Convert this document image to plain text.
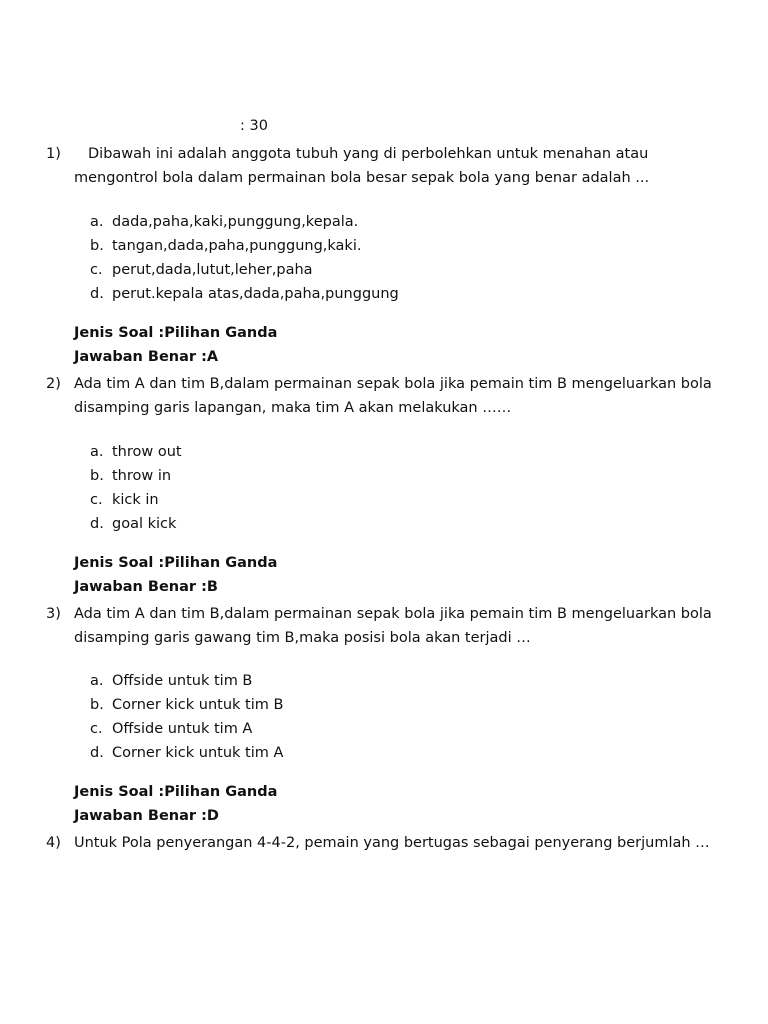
: 30
1)	Dibawah ini adalah anggota tubuh yang di perbolehkan untuk menahan atau mengontrol bola dalam permainan bola besar sepak bola yang benar adalah ...
a. dada,paha,kaki,punggung,kepala.
b. tangan,dada,paha,punggung,kaki.
c. perut,dada,lutut,leher,paha
d. perut.kepala atas,dada,paha,punggung
Jenis Soal :Pilihan Ganda
Jawaban Benar :A
2) Ada tim A dan tim B,dalam permainan sepak bola jika pemain tim B mengeluarkan bola disamping garis lapangan, maka tim A akan melakukan ……
a. throw out
b. throw in
c. kick in
d. goal kick
Jenis Soal :Pilihan Ganda
Jawaban Benar :B
3) Ada tim A dan tim B,dalam permainan sepak bola jika pemain tim B mengeluarkan bola disamping garis gawang tim B,maka posisi bola akan terjadi …
a. Offside untuk tim B
b. Corner kick untuk tim B
c. Offside untuk tim A
d. Corner kick untuk tim A
Jenis Soal :Pilihan Ganda
Jawaban Benar :D
4) Untuk Pola penyerangan 4-4-2, pemain yang bertugas sebagai penyerang berjumlah …
